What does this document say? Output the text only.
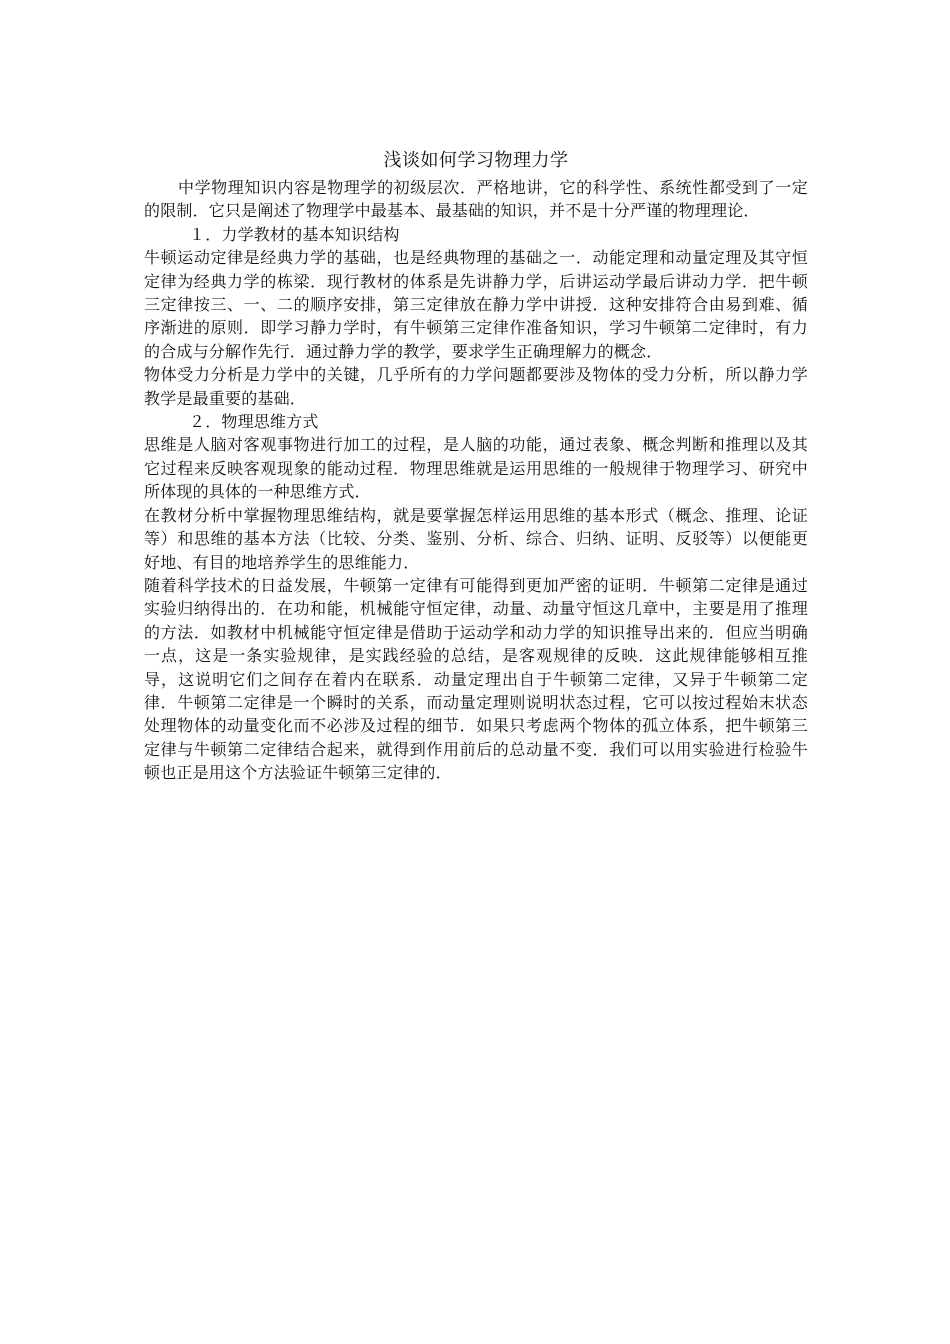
浅谈如何学习物理力学

中学物理知识内容是物理学的初级层次．严格地讲，它的科学性、系统性都受到了一定的限制．它只是阐述了物理学中最基本、最基础的知识，并不是十分严谨的物理理论．

１．力学教材的基本知识结构

牛顿运动定律是经典力学的基础，也是经典物理的基础之一．动能定理和动量定理及其守恒定律为经典力学的栋梁．现行教材的体系是先讲静力学，后讲运动学最后讲动力学．把牛顿三定律按三、一、二的顺序安排，第三定律放在静力学中讲授．这种安排符合由易到难、循序渐进的原则．即学习静力学时，有牛顿第三定律作准备知识，学习牛顿第二定律时，有力的合成与分解作先行．通过静力学的教学，要求学生正确理解力的概念．

物体受力分析是力学中的关键，几乎所有的力学问题都要涉及物体的受力分析，所以静力学教学是最重要的基础．

２．物理思维方式

思维是人脑对客观事物进行加工的过程，是人脑的功能，通过表象、概念判断和推理以及其它过程来反映客观现象的能动过程．物理思维就是运用思维的一般规律于物理学习、研究中所体现的具体的一种思维方式．

在教材分析中掌握物理思维结构，就是要掌握怎样运用思维的基本形式（概念、推理、论证等）和思维的基本方法（比较、分类、鉴别、分析、综合、归纳、证明、反驳等）以便能更好地、有目的地培养学生的思维能力．

随着科学技术的日益发展，牛顿第一定律有可能得到更加严密的证明．牛顿第二定律是通过实验归纳得出的．在功和能，机械能守恒定律，动量、动量守恒这几章中，主要是用了推理的方法．如教材中机械能守恒定律是借助于运动学和动力学的知识推导出来的．但应当明确一点，这是一条实验规律，是实践经验的总结，是客观规律的反映．这此规律能够相互推导，这说明它们之间存在着内在联系．动量定理出自于牛顿第二定律，又异于牛顿第二定律．牛顿第二定律是一个瞬时的关系，而动量定理则说明状态过程，它可以按过程始末状态处理物体的动量变化而不必涉及过程的细节．如果只考虑两个物体的孤立体系，把牛顿第三定律与牛顿第二定律结合起来，就得到作用前后的总动量不变．我们可以用实验进行检验牛顿也正是用这个方法验证牛顿第三定律的．
